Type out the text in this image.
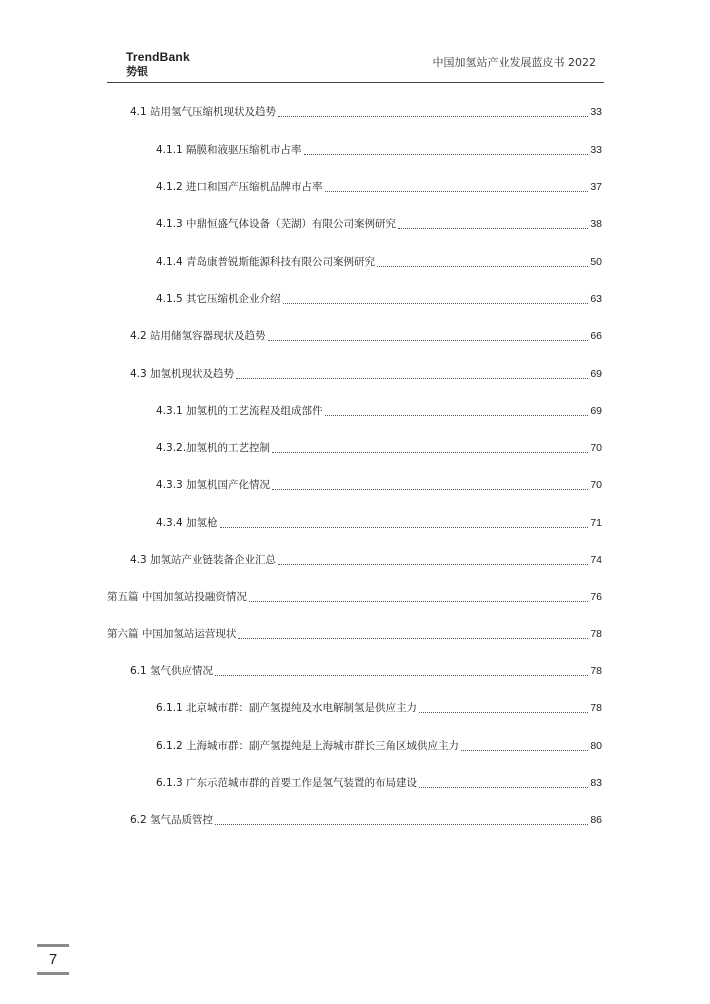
TrendBank
势银
中国加氢站产业发展蓝皮书 2022
4.1 站用氢气压缩机现状及趋势	33
4.1.1 隔膜和液驱压缩机市占率	33
4.1.2 进口和国产压缩机品牌市占率	37
4.1.3 中鼎恒盛气体设备（芜湖）有限公司案例研究	38
4.1.4 青岛康普锐斯能源科技有限公司案例研究	50
4.1.5 其它压缩机企业介绍	63
4.2 站用储氢容器现状及趋势	66
4.3 加氢机现状及趋势	69
4.3.1 加氢机的工艺流程及组成部件	69
4.3.2.加氢机的工艺控制	70
4.3.3 加氢机国产化情况	70
4.3.4 加氢枪	71
4.3 加氢站产业链装备企业汇总	74
第五篇 中国加氢站投融资情况	76
第六篇 中国加氢站运营现状	78
6.1 氢气供应情况	78
6.1.1 北京城市群：副产氢提纯及水电解制氢是供应主力	78
6.1.2 上海城市群：副产氢提纯是上海城市群长三角区域供应主力	80
6.1.3 广东示范城市群的首要工作是氢气装置的布局建设	83
6.2 氢气品质管控	86
7
